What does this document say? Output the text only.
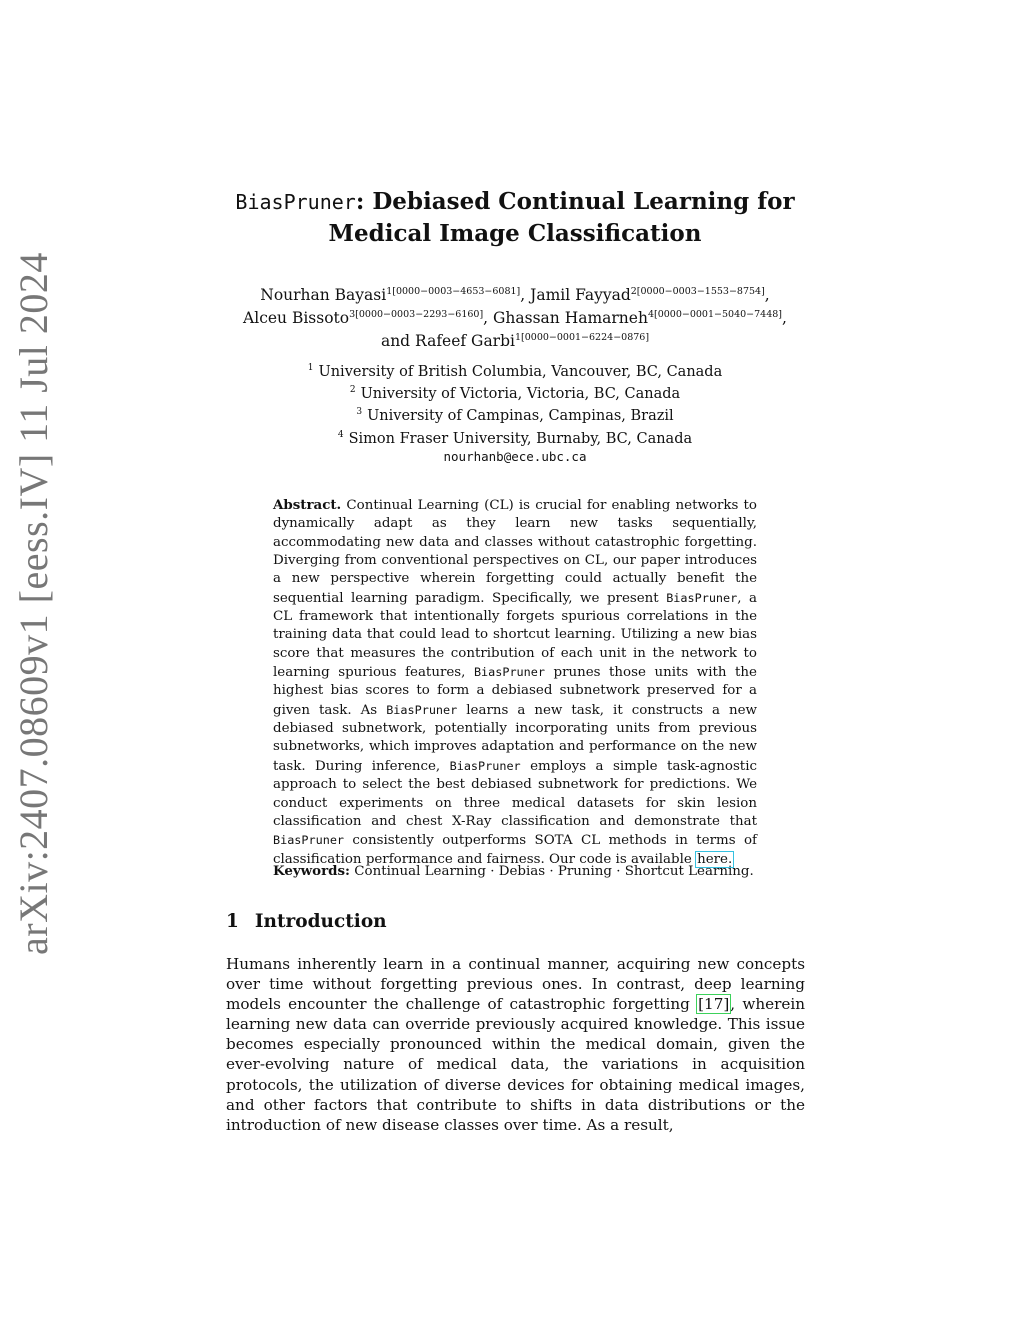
arXiv:2407.08609v1 [eess.IV] 11 Jul 2024
BiasPruner: Debiased Continual Learning for
Medical Image Classification
Nourhan Bayasi$^{1[0000-0003-4653-6081]}$, Jamil Fayyad$^{2[0000-0003-1553-8754]}$,
Alceu Bissoto$^{3[0000-0003-2293-6160]}$, Ghassan Hamarneh$^{4[0000-0001-5040-7448]}$,
and Rafeef Garbi$^{1[0000-0001-6224-0876]}$
$^1$ University of British Columbia, Vancouver, BC, Canada
$^2$ University of Victoria, Victoria, BC, Canada
$^3$ University of Campinas, Campinas, Brazil
$^4$ Simon Fraser University, Burnaby, BC, Canada
nourhanb@ece.ubc.ca
Abstract. Continual Learning (CL) is crucial for enabling networks to dynamically adapt as they learn new tasks sequentially, accommodating new data and classes without catastrophic forgetting. Diverging from conventional perspectives on CL, our paper introduces a new perspective wherein forgetting could actually benefit the sequential learning paradigm. Specifically, we present BiasPruner, a CL framework that intentionally forgets spurious correlations in the training data that could lead to shortcut learning. Utilizing a new bias score that measures the contribution of each unit in the network to learning spurious features, BiasPruner prunes those units with the highest bias scores to form a debiased subnetwork preserved for a given task. As BiasPruner learns a new task, it constructs a new debiased subnetwork, potentially incorporating units from previous subnetworks, which improves adaptation and performance on the new task. During inference, BiasPruner employs a simple task-agnostic approach to select the best debiased subnetwork for predictions. We conduct experiments on three medical datasets for skin lesion classification and chest X-Ray classification and demonstrate that BiasPruner consistently outperforms SOTA CL methods in terms of classification performance and fairness. Our code is available here.
Keywords: Continual Learning · Debias · Pruning · Shortcut Learning.
1 Introduction
Humans inherently learn in a continual manner, acquiring new concepts over time without forgetting previous ones. In contrast, deep learning models encounter the challenge of catastrophic forgetting [17], wherein learning new data can override previously acquired knowledge. This issue becomes especially pronounced within the medical domain, given the ever-evolving nature of medical data, the variations in acquisition protocols, the utilization of diverse devices for obtaining medical images, and other factors that contribute to shifts in data distributions or the introduction of new disease classes over time. As a result,
